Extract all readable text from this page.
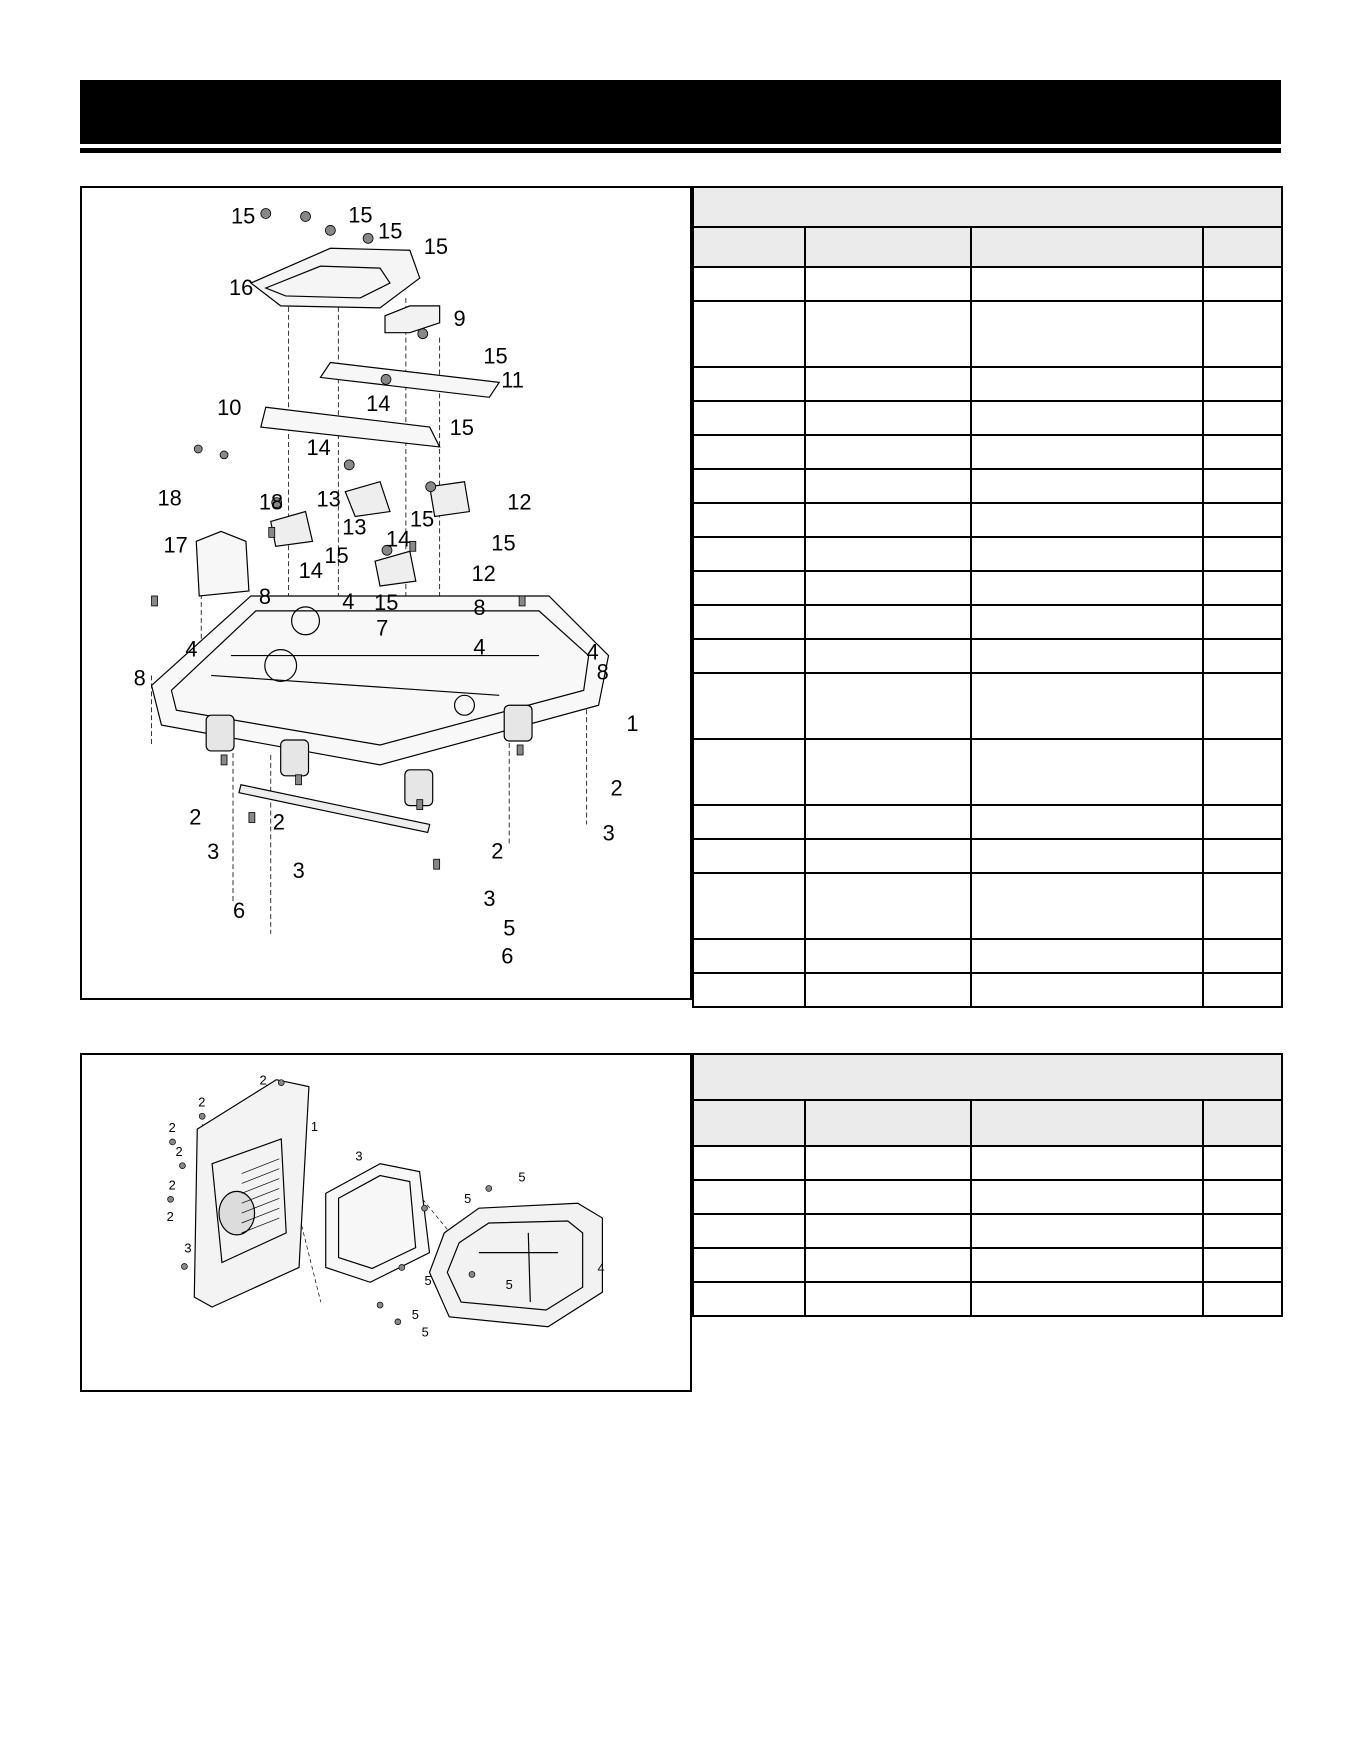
15	15
15
15
16
9
15
11
10	14
15
14
13	12
18	18
15
13 14
17	15
14
15
12
8	4 15	8
7
4
4	4
8	8
1
2
2	2
2
3
3
3
3
5
6
6

2
2
2
2
2
2
1
3
3
5
5
5	5
5
5
4
